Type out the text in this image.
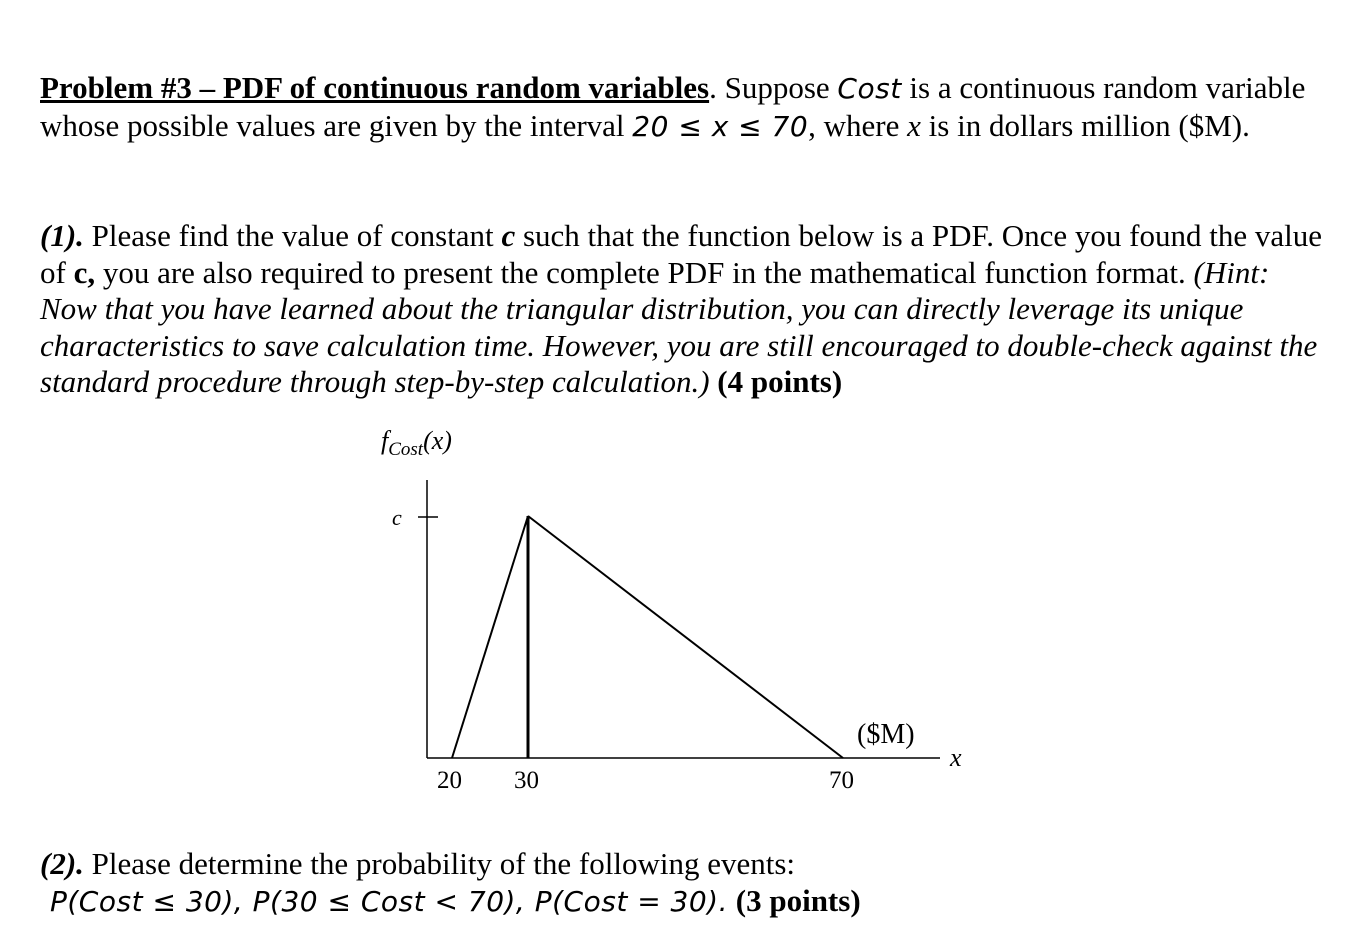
Problem #3 – PDF of continuous random variables. Suppose Cost is a continuous random variable whose possible values are given by the interval 20 ≤ x ≤ 70, where x is in dollars million ($M).

(1). Please find the value of constant c such that the function below is a PDF. Once you found the value of c, you are also required to present the complete PDF in the mathematical function format. (Hint: Now that you have learned about the triangular distribution, you can directly leverage its unique characteristics to save calculation time. However, you are still encouraged to double-check against the standard procedure through step-by-step calculation.) (4 points)

$f_{Cost}(x)$
c
20 30	70
($M)
x
(2). Please determine the probability of the following events:
P(Cost ≤ 30), P(30 ≤ Cost < 70), P(Cost = 30). (3 points)
